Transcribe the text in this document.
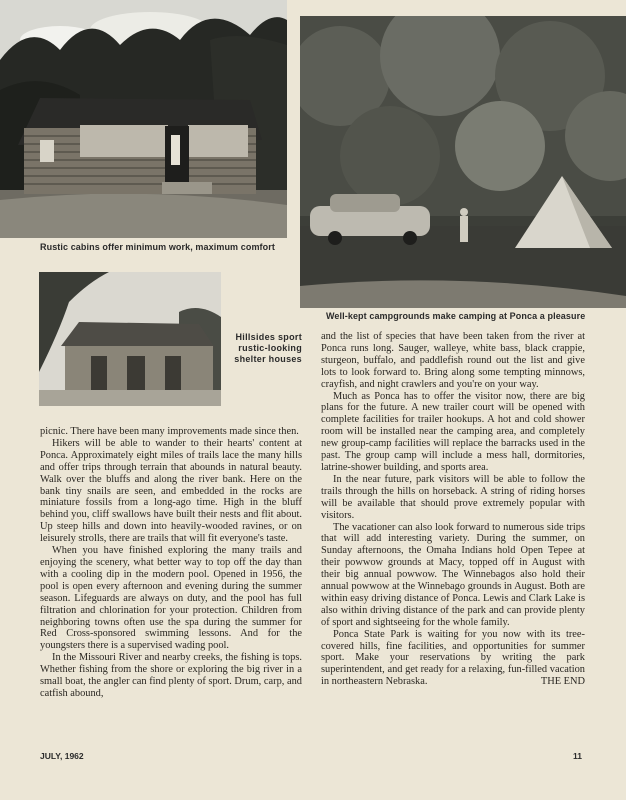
Rustic cabins offer minimum work, maximum comfort
Well-kept campgrounds make camping at Ponca a pleasure
Hillsides sport rustic-looking shelter houses

picnic. There have been many improvements made since then.

Hikers will be able to wander to their hearts' content at Ponca. Approximately eight miles of trails lace the many hills and offer trips through terrain that abounds in natural beauty. Walk over the bluffs and along the river bank. Here on the bank tiny snails are seen, and embedded in the rocks are miniature fossils from a long-ago time. High in the bluff behind you, cliff swallows have built their nests and flit about. Up steep hills and down into heavily-wooded ravines, or on leisurely strolls, there are trails that will fit everyone's taste.

When you have finished exploring the many trails and enjoying the scenery, what better way to top off the day than with a cooling dip in the modern pool. Opened in 1956, the pool is open every afternoon and evening during the summer season. Lifeguards are always on duty, and the pool has full filtration and chlorination for your protection. Children from neighboring towns often use the spa during the summer for Red Cross-sponsored swimming lessons. And for the youngsters there is a supervised wading pool.

In the Missouri River and nearby creeks, the fishing is tops. Whether fishing from the shore or exploring the big river in a small boat, the angler can find plenty of sport. Drum, carp, and catfish abound,

and the list of species that have been taken from the river at Ponca runs long. Sauger, walleye, white bass, black crappie, sturgeon, buffalo, and paddlefish round out the list and give lots to look forward to. Bring along some tempting minnows, crayfish, and night crawlers and you're on your way.

Much as Ponca has to offer the visitor now, there are big plans for the future. A new trailer court will be opened with complete facilities for trailer hookups. A hot and cold shower room will be installed near the camping area, and completely new group-camp facilities will replace the barracks used in the past. The group camp will include a mess hall, dormitories, latrine-shower building, and sports area.

In the near future, park visitors will be able to follow the trails through the hills on horseback. A string of riding horses will be available that should prove extremely popular with visitors.

The vacationer can also look forward to numerous side trips that will add interesting variety. During the summer, on Sunday afternoons, the Omaha Indians hold Open Tepee at their powwow grounds at Macy, topped off in August with their big annual powwow. The Winnebagos also hold their annual powwow at the Winnebago grounds in August. Both are within easy driving distance of Ponca. Lewis and Clark Lake is also within driving distance of the park and can provide plenty of sport and sightseeing for the whole family.

Ponca State Park is waiting for you now with its tree-covered hills, fine facilities, and opportunities for summer sport. Make your reservations by writing the park superintendent, and get ready for a relaxing, fun-filled vacation in northeastern Nebraska.	THE END

JULY, 1962	11
